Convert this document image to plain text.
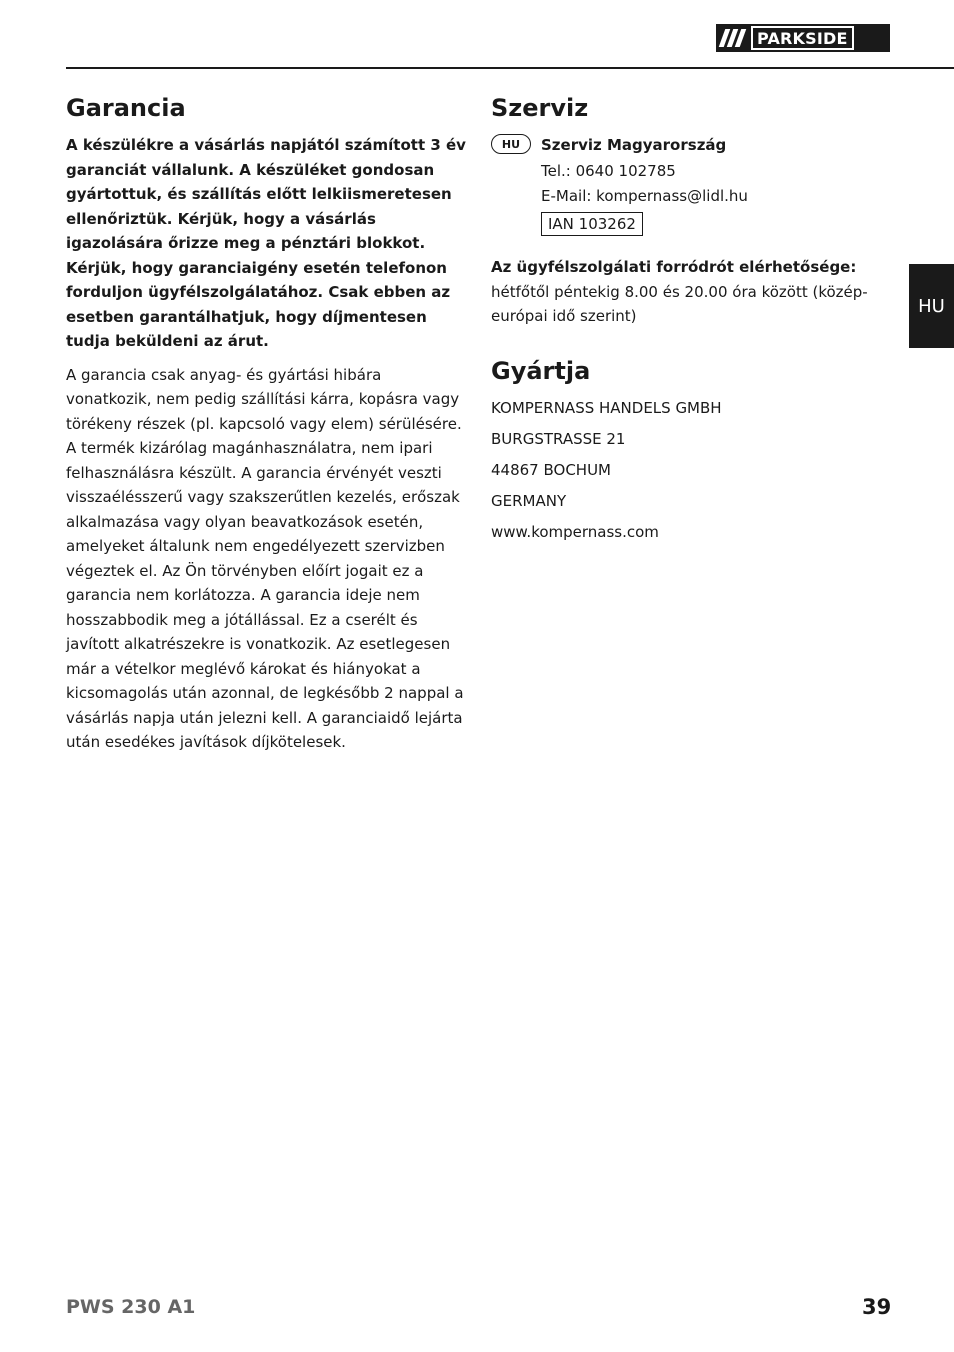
PARKSIDE
HU
Garancia

A készülékre a vásárlás napjától számított 3 év garanciát vállalunk. A készüléket gondosan gyártottuk, és szállítás előtt lelkiismeretesen ellenőriztük. Kérjük, hogy a vásárlás igazolására őrizze meg a pénztári blokkot. Kérjük, hogy garanciaigény esetén telefonon forduljon ügyfélszolgálatához. Csak ebben az esetben garantálhatjuk, hogy díjmentesen tudja beküldeni az árut.

A garancia csak anyag- és gyártási hibára vonatkozik, nem pedig szállítási kárra, kopásra vagy törékeny részek (pl. kapcsoló vagy elem) sérülésére. A termék kizárólag magánhasználatra, nem ipari felhasználásra készült. A garancia érvényét veszti visszaélésszerű vagy szakszerűtlen kezelés, erőszak alkalmazása vagy olyan beavatkozások esetén, amelyeket általunk nem engedélyezett szervizben végeztek el. Az Ön törvényben előírt jogait ez a garancia nem korlátozza. A garancia ideje nem hosszabbodik meg a jótállással. Ez a cserélt és javított alkatrészekre is vonatkozik. Az esetlegesen már a vételkor meglévő károkat és hiányokat a kicsomagolás után azonnal, de legkésőbb 2 nappal a vásárlás napja után jelezni kell. A garanciaidő lejárta után esedékes javítások díjkötelesek.

Szerviz
HU	Szerviz Magyarország
Tel.: 0640 102785
E-Mail: kompernass@lidl.hu
IAN 103262
Az ügyfélszolgálati forródrót elérhetősége:
hétfőtől péntekig 8.00 és 20.00 óra között (közép-európai idő szerint)
Gyártja
KOMPERNASS HANDELS GMBH
BURGSTRASSE 21
44867 BOCHUM
GERMANY
www.kompernass.com
PWS 230 A1	39
